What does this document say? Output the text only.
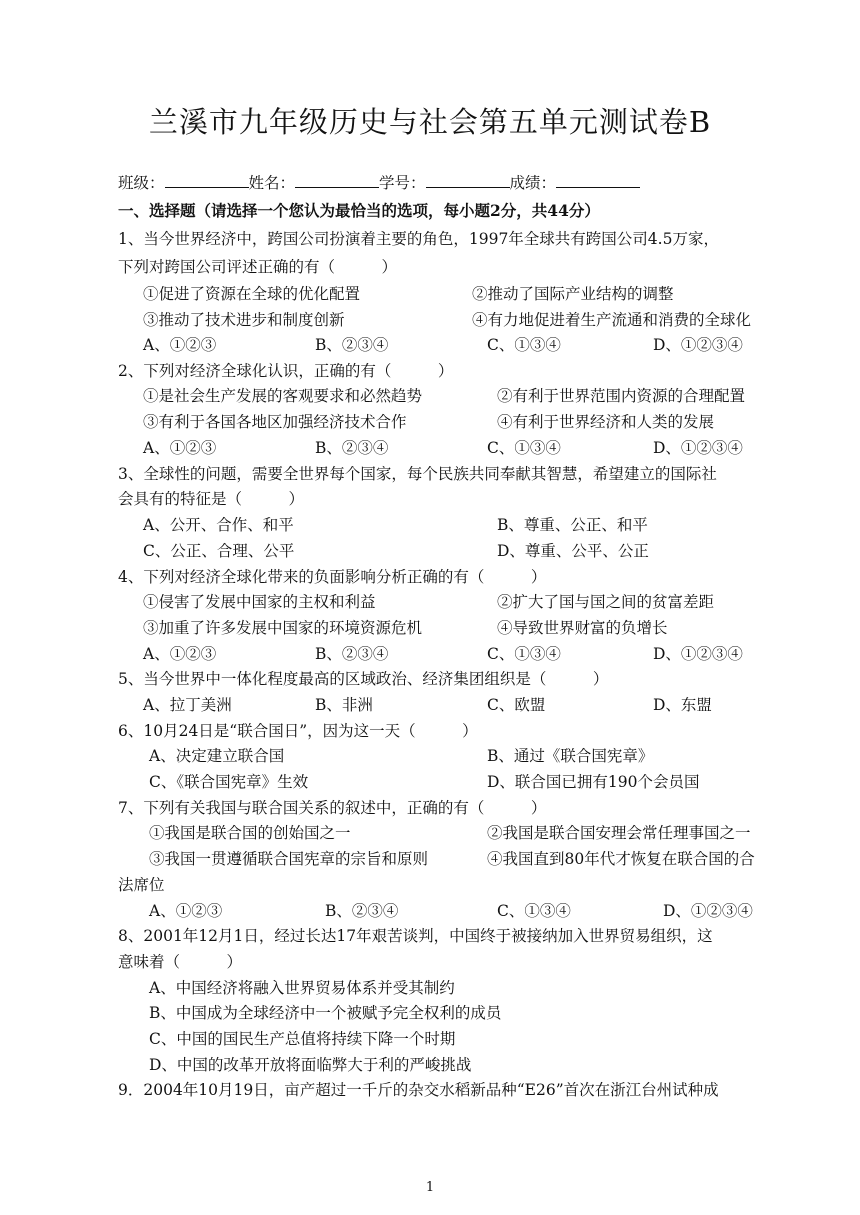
兰溪市九年级历史与社会第五单元测试卷B
班级：	姓名：	学号：	成绩：
一、选择题（请选择一个您认为最恰当的选项，每小题2分，共44分）
1、当今世界经济中，跨国公司扮演着主要的角色，1997年全球共有跨国公司4.5万家，
下列对跨国公司评述正确的有（　　　）
①促进了资源在全球的优化配置	②推动了国际产业结构的调整
③推动了技术进步和制度创新	④有力地促进着生产流通和消费的全球化
A、①②③	B、②③④	C、①③④	D、①②③④
2、下列对经济全球化认识，正确的有（　　　）
①是社会生产发展的客观要求和必然趋势	②有利于世界范围内资源的合理配置
③有利于各国各地区加强经济技术合作	④有利于世界经济和人类的发展
A、①②③	B、②③④	C、①③④	D、①②③④
3、全球性的问题，需要全世界每个国家，每个民族共同奉献其智慧，希望建立的国际社
会具有的特征是（　　　）
A、公开、合作、和平	B、尊重、公正、和平
C、公正、合理、公平	D、尊重、公平、公正
4、下列对经济全球化带来的负面影响分析正确的有（　　　）
①侵害了发展中国家的主权和利益	②扩大了国与国之间的贫富差距
③加重了许多发展中国家的环境资源危机	④导致世界财富的负增长
A、①②③	B、②③④	C、①③④	D、①②③④
5、当今世界中一体化程度最高的区域政治、经济集团组织是（　　　）
A、拉丁美洲	B、非洲	C、欧盟	D、东盟
6、10月24日是“联合国日”，因为这一天（　　　）
A、决定建立联合国	B、通过《联合国宪章》
C、《联合国宪章》生效	D、联合国已拥有190个会员国
7、下列有关我国与联合国关系的叙述中，正确的有（　　　）
①我国是联合国的创始国之一	②我国是联合国安理会常任理事国之一
③我国一贯遵循联合国宪章的宗旨和原则	④我国直到80年代才恢复在联合国的合
法席位
A、①②③	B、②③④	C、①③④	D、①②③④
8、2001年12月1日，经过长达17年艰苦谈判，中国终于被接纳加入世界贸易组织，这
意味着（　　　）
A、中国经济将融入世界贸易体系并受其制约
B、中国成为全球经济中一个被赋予完全权利的成员
C、中国的国民生产总值将持续下降一个时期
D、中国的改革开放将面临弊大于利的严峻挑战
9．2004年10月19日，亩产超过一千斤的杂交水稻新品种“E26”首次在浙江台州试种成
1
